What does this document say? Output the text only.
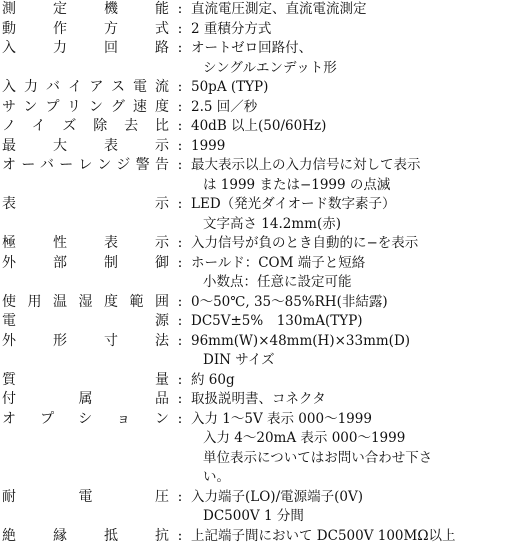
測定機能 : 直流電圧測定、直流電流測定
動作方式 : 2 重積分方式
入力回路 : オートゼロ回路付、
シングルエンデット形
入力バイアス電流 : 50pA (TYP)
サンプリング速度 : 2.5 回／秒
ノイズ除去比 : 40dB 以上(50/60Hz)
最大表示 : 1999
オーバーレンジ警告 : 最大表示以上の入力信号に対して表示
は 1999 または−1999 の点滅
表示 : LED（発光ダイオード数字素子）
文字高さ 14.2mm(赤)
極性表示 : 入力信号が負のとき自動的に−を表示
外部制御 : ホールド：COM 端子と短絡
小数点：任意に設定可能
使用温湿度範囲 : 0〜50℃, 35〜85%RH(非結露)
電源 : DC5V±5%　130mA(TYP)
外形寸法 : 96mm(W)×48mm(H)×33mm(D)
DIN サイズ
質量 : 約 60g
付属品 : 取扱説明書、コネクタ
オプション : 入力 1〜5V 表示 000〜1999
入力 4〜20mA 表示 000〜1999
単位表示についてはお問い合わせ下さ
い。
耐電圧 : 入力端子(LO)/電源端子(0V)
DC500V 1 分間
絶縁抵抗 : 上記端子間において DC500V 100MΩ以上
